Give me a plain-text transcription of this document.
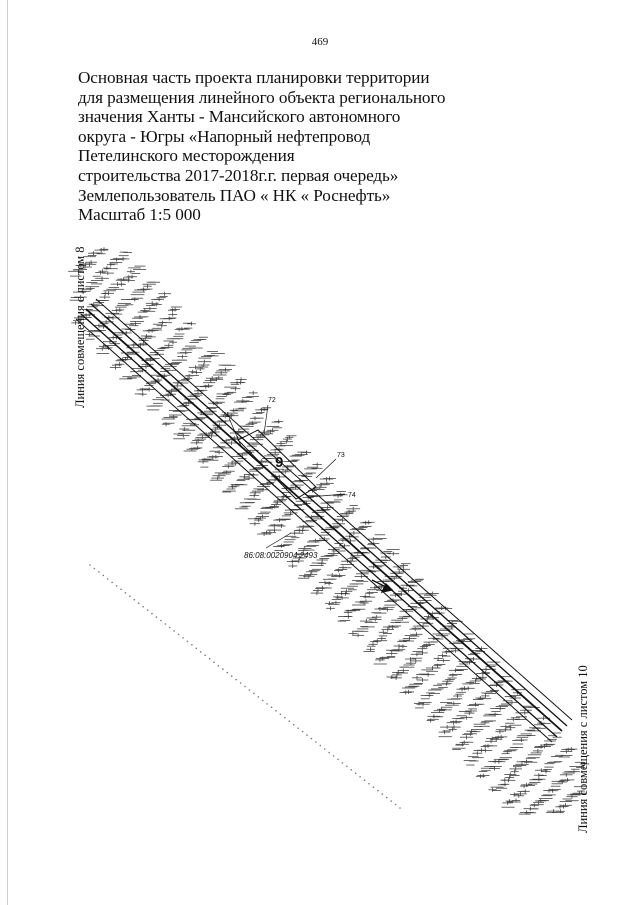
469
Основная часть проекта планировки территории
для размещения линейного объекта регионального
значения Ханты - Мансийского автономного
округа - Югры «Напорный нефтепровод
Петелинского месторождения
строительства 2017-2018г.г. первая очередь»
Землепользователь ПАО « НК « Роснефть»
Масштаб 1:5 000
71
72
73
74
9
86:08:0020904:2493
Линия совмещения с листом 8
Линия совмещения с листом 10
